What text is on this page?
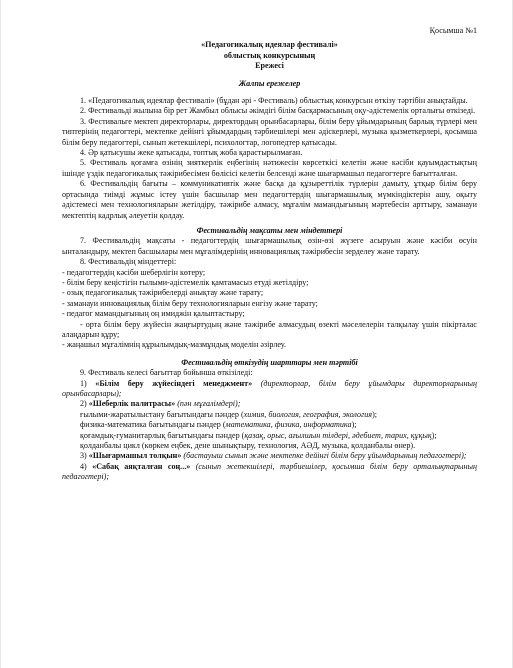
Қосымша №1
«Педагогикалық идеялар фестивалі»
облыстық конкурсының
Ережесі
Жалпы ережелер

1. «Педагогикалық идеялар фестивалі» (бұдан әрі - Фестиваль) облыстық конкурсын өткізу тәртібін анықтайды.

2. Фестивальді жылына бір рет Жамбыл облысы әкімдігі білім басқармасының оқу-әдістемелік орталығы өткізеді.

3. Фестивальге мектеп директорлары, директордың орынбасарлары, білім беру ұйымдарының барлық түрлері мен типтерінің педагогтері, мектепке дейінгі ұйымдардың тәрбиешілері мен әдіскерлері, музыка қызметкерлері, қосымша білім беру педагогтері, сынып жетекшілері, психологтар, логопедтер қатысады.

4. Әр қатысушы жеке қатысады, топтық жоба қарастырылмаған.

5. Фестиваль қоғамға өзінің зияткерлік еңбегінің нәтижесін көрсеткісі келетін және кәсіби қауымдастықтың ішінде үздік педагогикалық тәжірибесімен бөлісісі келетін белсенді және шығармашыл педагогтерге бағытталған.

6. Фестивальдің бағыты – коммуникативтік және басқа да құзыреттілік түрлерін дамыту, ұтқыр білім беру ортасында тиімді жұмыс істеу үшін басшылар мен педагогтердің шығармашылық мүмкіндіктерін ашу, оқыту әдістемесі мен технологияларын жетілдіру, тәжірибе алмасу, мұғалім мамандығының мәртебесін арттыру, заманауи мектептің кадрлық әлеуетін қолдау.

Фестивальдің мақсаты мен міндеттері

7. Фестивальдің мақсаты - педагогтердің шығармашылық өзін-өзі жүзеге асыруын және кәсіби өсуін ынталандыру, мектеп басшылары мен мұғалімдерінің инновациялық тәжірибесін зерделеу және тарату.

8. Фестивальдің міндеттері:

- педагогтердің кәсіби шеберлігін көтеру;

- білім беру кеңістігін ғылыми-әдістемелік қамтамасыз етуді жетілдіру;

- озық педагогикалық тәжірибелерді анықтау және тарату;

- заманауи инновациялық білім беру технологияларын енгізу және тарату;

- педагог мамандығының оң имиджін қалыптастыру;

- орта білім беру жүйесін жаңғыртудың және тәжірибе алмасудың өзекті мәселелерін талқылау үшін пікірталас алаңдарын құру;

- жаңашыл мұғалімнің құрылымдық-мазмұндық моделін әзірлеу.

Фестивальдің өткізудің шарттары мен тәртібі

9. Фестиваль келесі бағыттар бойынша өткізіледі:

1) «Білім беру жүйесіндегі менеджмент» (директорлар, білім беру ұйымдары директорларының орынбасарлары);

2) «Шеберлік палитрасы» (пән мұғалімдері);

ғылыми-жаратылыстану бағытындағы пәндер (химия, биология, география, экология);

физика-математика бағытындағы пәндер (математика, физика, информатика);

қоғамдық-гуманитарлық бағытындағы пәндер (қазақ, орыс, ағылшын тілдері, әдебиет, тарих, құқық);

қолданбалы цикл (көркем еңбек, дене шынықтыру, технология, АӘД, музыка, қолданбалы өнер).

3) «Шығармашыл толқын» (бастауыш сынып және мектепке дейінгі білім беру ұйымдарының педагогтері);

4) «Сабақ аяқталған соң...» (сынып жетекшілері, тәрбиешілер, қосымша білім беру орталықтарының педагогтері);
